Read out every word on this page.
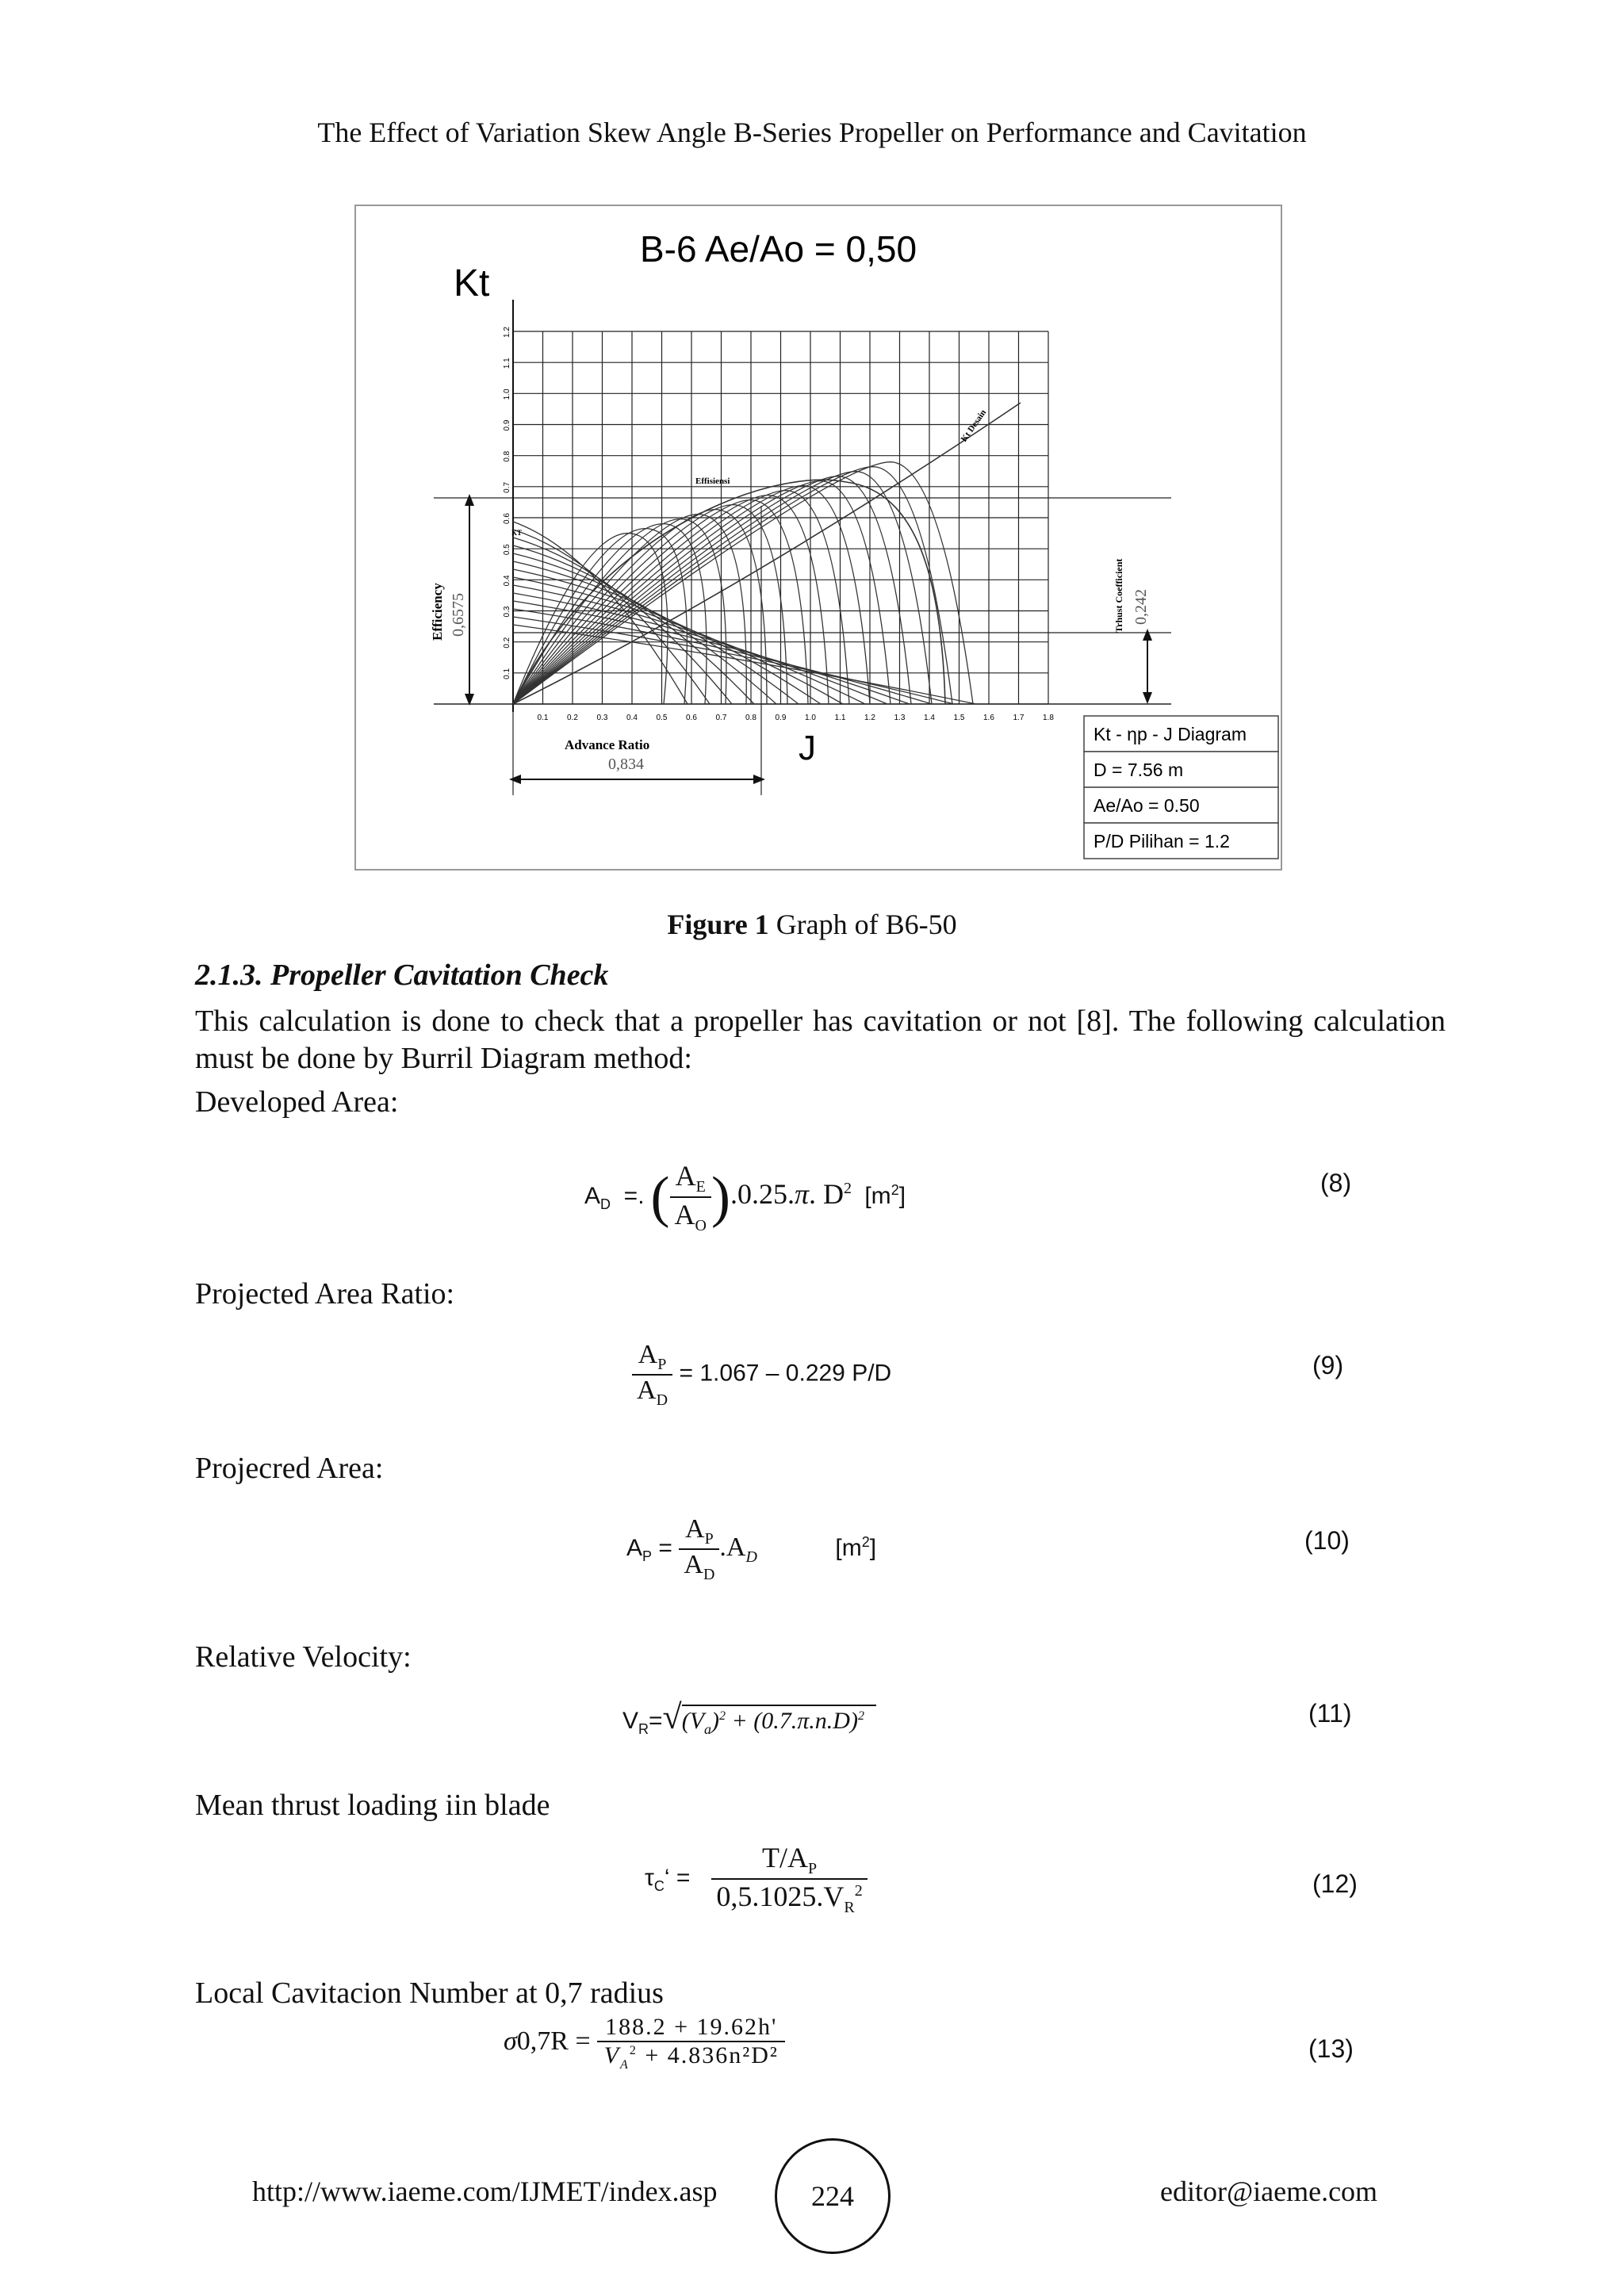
The Effect of Variation Skew Angle B-Series Propeller on Performance and Cavitation
B-6 Ae/Ao = 0,50
Kt
J
0.1 0.2 0.3 0.4 0.5 0.6 0.7 0.8 0.9 1.0 1.1 1.2 1.3 1.4 1.5 1.6 1.7 1.8
0.1
0.2
0.3
0.4
0.5
0.6
0.7
0.8
0.9
1.0
1.1
1.2
Efficiency 0,6575
Advance Ratio
0,834
Trhust Coefficient 0,242
Effisiensi
KT
Kt Desain
Kt - ηp - J Diagram
D = 7.56 m
Ae/Ao = 0.50
P/D Pilihan = 1.2
Figure 1 Graph of B6-50
2.1.3. Propeller Cavitation Check
This calculation is done to check that a propeller has cavitation or not [8]. The following calculation must be done by Burril Diagram method:
Developed Area:
$A_D$  =. ( $\frac{A_E}{A_O} ).0.25.\pi$. $D^2$  $[m^2]$	(8)
Projected Area Ratio:
$\frac{A_P}{A_D} = 1.067 - 0.229$ P/D	(9)
Projecred Area:
$A_P = \frac{A_P}{A_D} .A_D$	$[m^2]$	(10)
Relative Velocity:
$V_R=√(V_a)^2 + (0.7.\pi.n.D)^2$	(11)
Mean thrust loading iin blade
$\tau_C‘ = \frac{T/A_P}{0,5.1025.V_R^2}$	(12)
Local Cavitacion Number at 0,7 radius
$\sigma 0,7R = \frac{188.2 + 19.62h'}{V_A^2 + 4.836n^2D^2}$	(13)
http://www.iaeme.com/IJMET/index.asp	224	editor@iaeme.com
